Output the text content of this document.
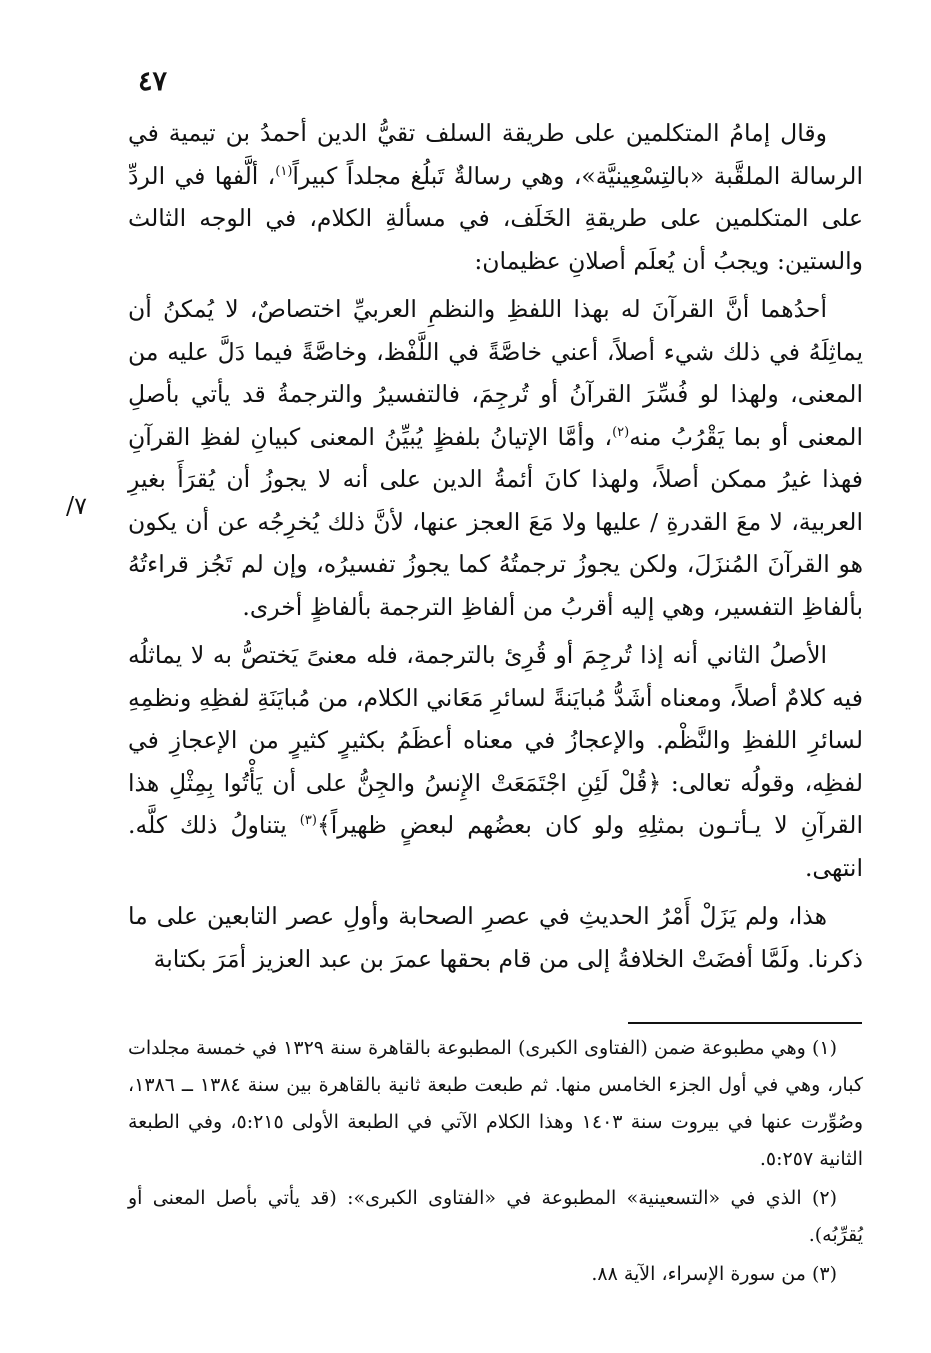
٤٧
٧/

وقال إمامُ المتكلمين على طريقة السلف تقيُّ الدين أحمدُ بن تيمية في الرسالة الملقَّبة «بالتِسْعِينيَّة»، وهي رسالةٌ تَبلُغ مجلداً كبيراً$^{(١)}$، ألَّفها في الردِّ على المتكلمين على طريقةِ الخَلَف، في مسألةِ الكلام، في الوجه الثالث والستين: ويجبُ أن يُعلَم أصلانِ عظيمان:

أحدُهما أنَّ القرآنَ له بهذا اللفظِ والنظمِ العربيِّ اختصاصٌ، لا يُمكنُ أن يماثِلَهُ في ذلك شيء أصلاً، أعني خاصَّةً في اللَّفْظ، وخاصَّةً فيما دَلَّ عليه من المعنى، ولهذا لو فُسِّرَ القرآنُ أو تُرجِمَ، فالتفسيرُ والترجمةُ قد يأتي بأصلِ المعنى أو بما يَقْرُبُ منه$^{(٢)}$، وأمَّا الإتيانُ بلفظٍ يُبيِّنُ المعنى كبيانِ لفظِ القرآنِ فهذا غيرُ ممكن أصلاً، ولهذا كانَ أئمةُ الدين على أنه لا يجوزُ أن يُقرَأَ بغيرِ العربية، لا معَ القدرةِ / عليها ولا مَعَ العجز عنها، لأنَّ ذلك يُخرِجُه عن أن يكون هو القرآنَ المُنزَلَ، ولكن يجوزُ ترجمتُهُ كما يجوزُ تفسيرُه، وإن لم تَجُز قراءتُهُ بألفاظِ التفسير، وهي إليه أقربُ من ألفاظِ الترجمة بألفاظٍ أخرى.

الأصلُ الثاني أنه إذا تُرجِمَ أو قُرِئ بالترجمة، فله معنىً يَختصُّ به لا يماثلُه فيه كلامٌ أصلاً، ومعناه أشَدُّ مُبايَنةً لسائرِ مَعَاني الكلام، من مُبايَنَةِ لفظِهِ ونظمِهِ لسائرِ اللفظِ والنَّظْم. والإعجازُ في معناه أعظَمُ بكثيرٍ كثيرٍ من الإعجازِ في لفظِه، وقولُه تعالى: ﴿قُلْ لَئِنِ اجْتَمَعَتْ الإِنسُ والجِنُّ على أن يَأْتُوا بِمِثْلِ هذا القرآنِ لا يـأتـون بمثلِهِ ولو كان بعضُهم لبعضٍ ظهيراً﴾$^{(٣)}$ يتناولُ ذلك كلَّه. انتهى.

هذا، ولم يَزَلْ أَمْرُ الحديثِ في عصرِ الصحابة وأولِ عصر التابعين على ما ذكرنا. ولَمَّا أفضَتْ الخلافةُ إلى من قام بحقها عمرَ بن عبد العزيز أمَرَ بكتابة

(١) وهي مطبوعة ضمن (الفتاوى الكبرى) المطبوعة بالقاهرة سنة ١٣٢٩ في خمسة مجلدات كبار، وهي في أول الجزء الخامس منها. ثم طبعت طبعة ثانية بالقاهرة بين سنة ١٣٨٤ ــ ١٣٨٦، وصُوِّرت عنها في بيروت سنة ١٤٠٣ وهذا الكلام الآتي في الطبعة الأولى ٥:٢١٥، وفي الطبعة الثانية ٥:٢٥٧.

(٢) الذي في «التسعينية» المطبوعة في «الفتاوى الكبرى»: (قد يأتي بأصل المعنى أو يُقرِّبُه).

(٣) من سورة الإسراء، الآية ٨٨.
